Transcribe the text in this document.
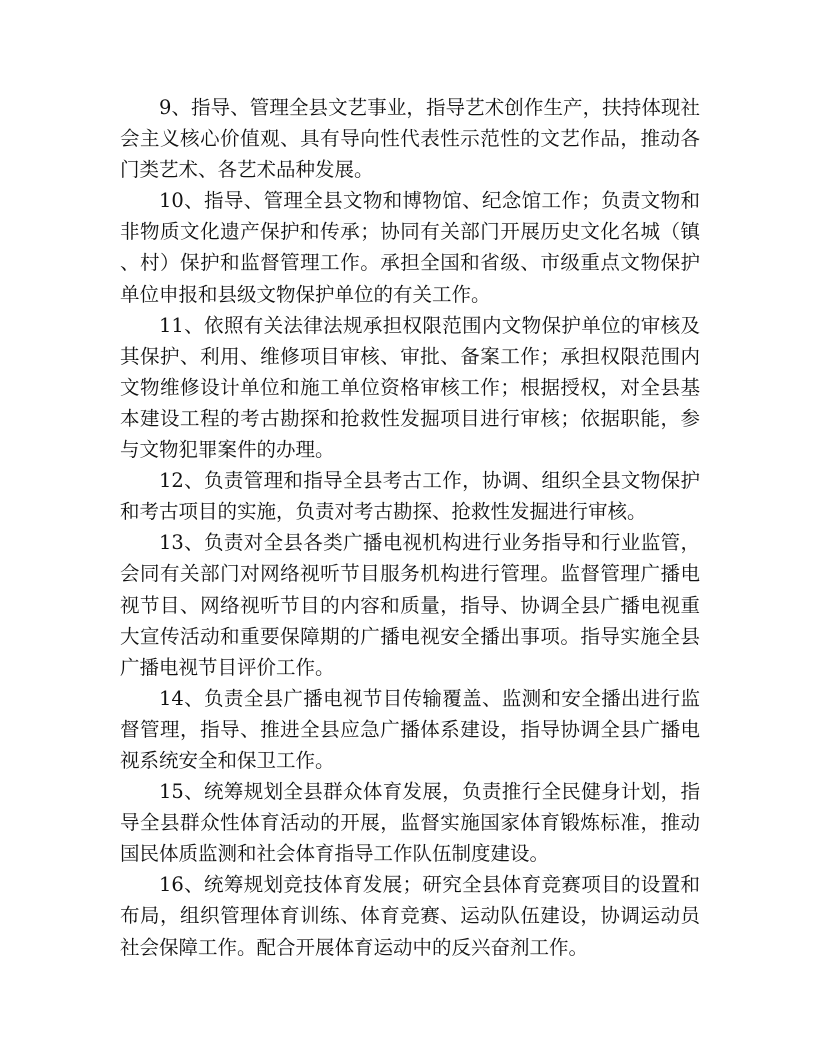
9、指导、管理全县文艺事业，指导艺术创作生产，扶持体现社会主义核心价值观、具有导向性代表性示范性的文艺作品，推动各门类艺术、各艺术品种发展。

10、指导、管理全县文物和博物馆、纪念馆工作；负责文物和非物质文化遗产保护和传承；协同有关部门开展历史文化名城（镇、村）保护和监督管理工作。承担全国和省级、市级重点文物保护单位申报和县级文物保护单位的有关工作。

11、依照有关法律法规承担权限范围内文物保护单位的审核及其保护、利用、维修项目审核、审批、备案工作；承担权限范围内文物维修设计单位和施工单位资格审核工作；根据授权，对全县基本建设工程的考古勘探和抢救性发掘项目进行审核；依据职能，参与文物犯罪案件的办理。

12、负责管理和指导全县考古工作，协调、组织全县文物保护和考古项目的实施，负责对考古勘探、抢救性发掘进行审核。

13、负责对全县各类广播电视机构进行业务指导和行业监管，会同有关部门对网络视听节目服务机构进行管理。监督管理广播电视节目、网络视听节目的内容和质量，指导、协调全县广播电视重大宣传活动和重要保障期的广播电视安全播出事项。指导实施全县广播电视节目评价工作。

14、负责全县广播电视节目传输覆盖、监测和安全播出进行监督管理，指导、推进全县应急广播体系建设，指导协调全县广播电视系统安全和保卫工作。

15、统筹规划全县群众体育发展，负责推行全民健身计划，指导全县群众性体育活动的开展，监督实施国家体育锻炼标准，推动国民体质监测和社会体育指导工作队伍制度建设。

16、统筹规划竞技体育发展；研究全县体育竞赛项目的设置和布局，组织管理体育训练、体育竞赛、运动队伍建设，协调运动员社会保障工作。配合开展体育运动中的反兴奋剂工作。
